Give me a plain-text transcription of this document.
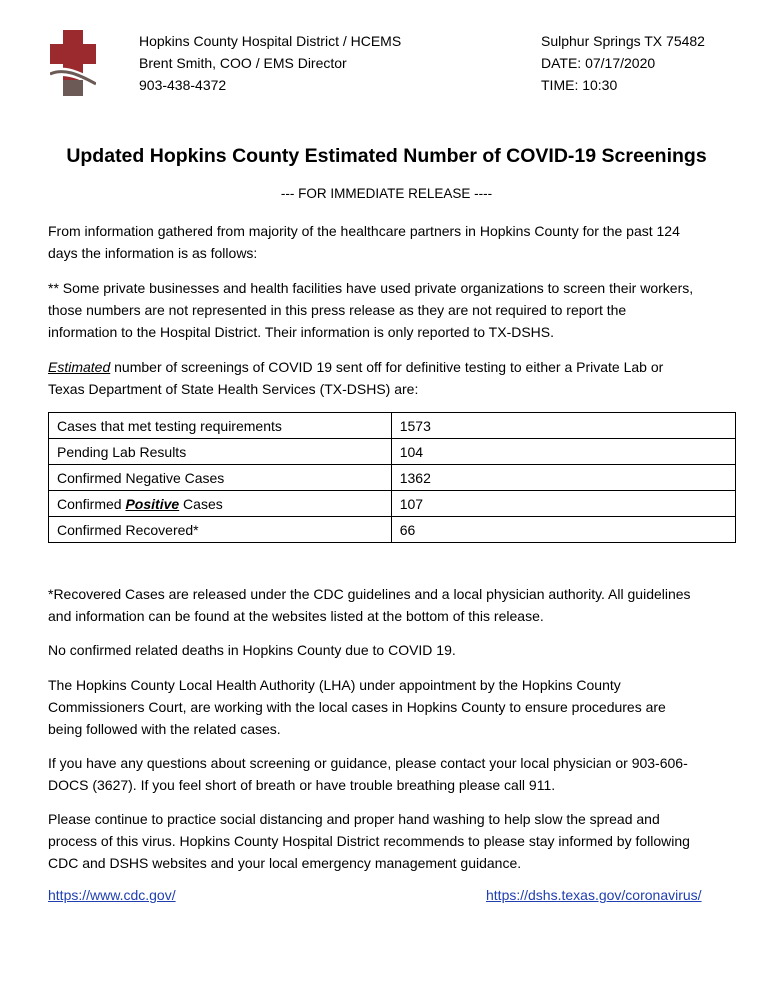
Hopkins County Hospital District / HCEMS
Brent Smith, COO / EMS Director
903-438-4372
Sulphur Springs TX 75482
DATE: 07/17/2020
TIME: 10:30
Updated Hopkins County Estimated Number of COVID-19 Screenings
--- FOR IMMEDIATE RELEASE ----

From information gathered from majority of the healthcare partners in Hopkins County for the past 124
days the information is as follows:

** Some private businesses and health facilities have used private organizations to screen their workers,
those numbers are not represented in this press release as they are not required to report the
information to the Hospital District. Their information is only reported to TX-DSHS.

Estimated number of screenings of COVID 19 sent off for definitive testing to either a Private Lab or
Texas Department of State Health Services (TX-DSHS) are:

Cases that met testing requirements	1573
Pending Lab Results	104
Confirmed Negative Cases	1362
Confirmed Positive Cases	107
Confirmed Recovered*	66

*Recovered Cases are released under the CDC guidelines and a local physician authority. All guidelines
and information can be found at the websites listed at the bottom of this release.

No confirmed related deaths in Hopkins County due to COVID 19.

The Hopkins County Local Health Authority (LHA) under appointment by the Hopkins County
Commissioners Court, are working with the local cases in Hopkins County to ensure procedures are
being followed with the related cases.

If you have any questions about screening or guidance, please contact your local physician or 903-606-
DOCS (3627). If you feel short of breath or have trouble breathing please call 911.

Please continue to practice social distancing and proper hand washing to help slow the spread and
process of this virus. Hopkins County Hospital District recommends to please stay informed by following
CDC and DSHS websites and your local emergency management guidance.

https://www.cdc.gov/	https://dshs.texas.gov/coronavirus/
